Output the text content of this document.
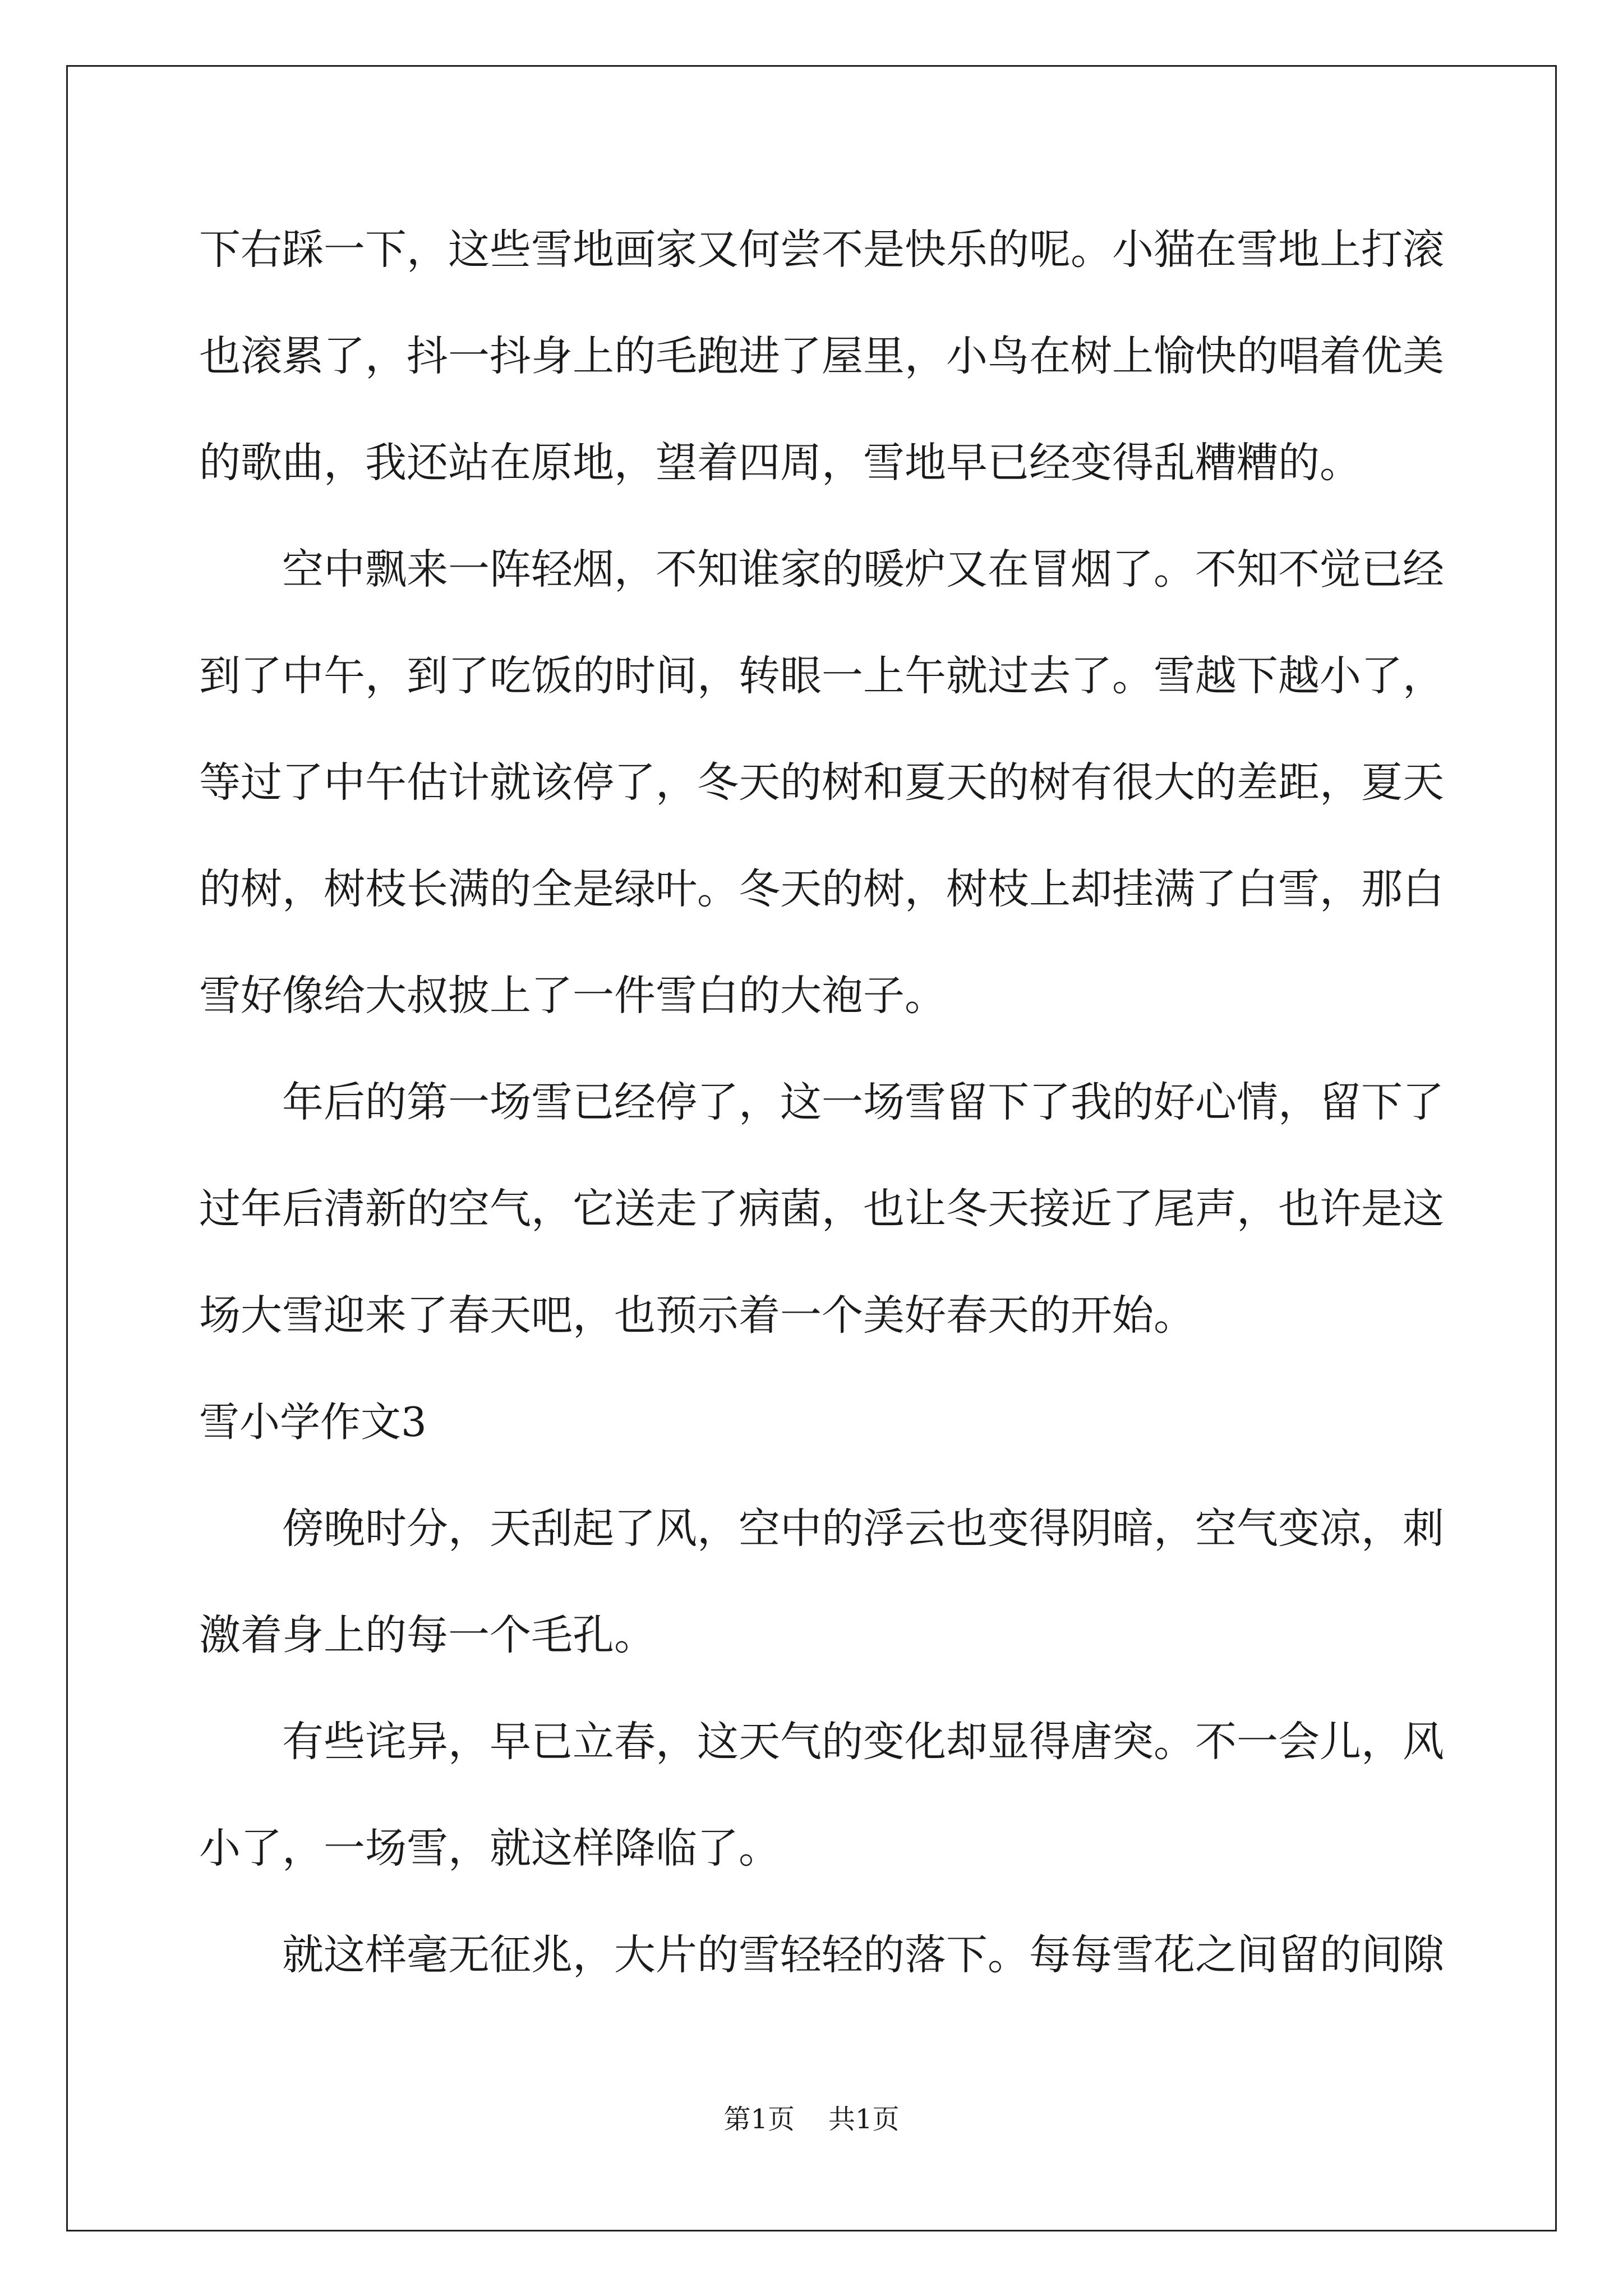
下右踩一下，这些雪地画家又何尝不是快乐的呢。小猫在雪地上打滚
也滚累了，抖一抖身上的毛跑进了屋里，小鸟在树上愉快的唱着优美
的歌曲，我还站在原地，望着四周，雪地早已经变得乱糟糟的。
空中飘来一阵轻烟，不知谁家的暖炉又在冒烟了。不知不觉已经
到了中午，到了吃饭的时间，转眼一上午就过去了。雪越下越小了，
等过了中午估计就该停了，冬天的树和夏天的树有很大的差距，夏天
的树，树枝长满的全是绿叶。冬天的树，树枝上却挂满了白雪，那白
雪好像给大叔披上了一件雪白的大袍子。
年后的第一场雪已经停了，这一场雪留下了我的好心情，留下了
过年后清新的空气，它送走了病菌，也让冬天接近了尾声，也许是这
场大雪迎来了春天吧，也预示着一个美好春天的开始。
雪小学作文3
傍晚时分，天刮起了风，空中的浮云也变得阴暗，空气变凉，刺
激着身上的每一个毛孔。
有些诧异，早已立春，这天气的变化却显得唐突。不一会儿，风
小了，一场雪，就这样降临了。
就这样毫无征兆，大片的雪轻轻的落下。每每雪花之间留的间隙
第1页 共1页
